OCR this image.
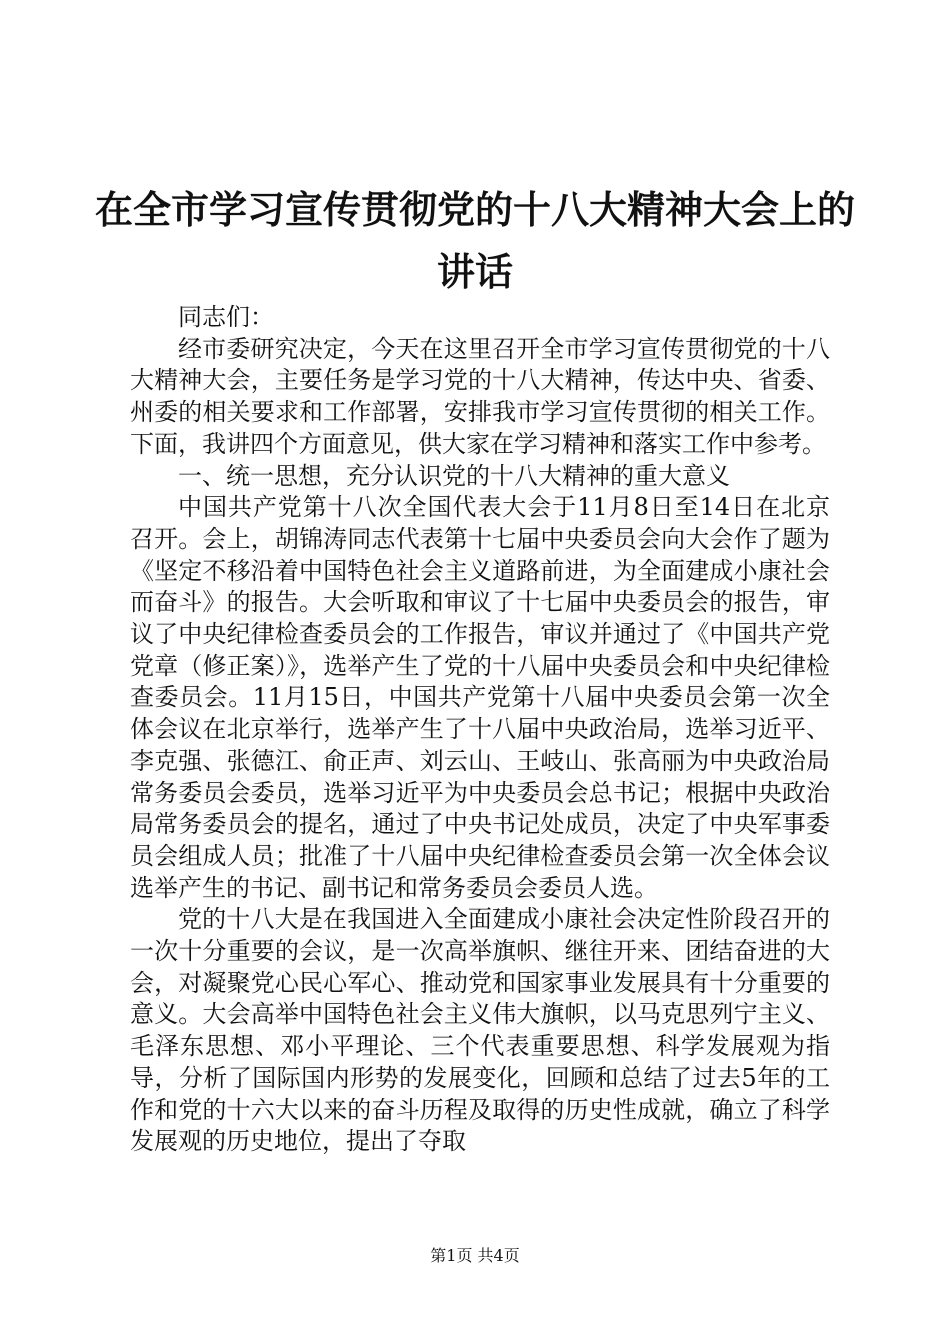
在全市学习宣传贯彻党的十八大精神大会上的
讲话

同志们：

经市委研究决定，今天在这里召开全市学习宣传贯彻党的十八大精神大会，主要任务是学习党的十八大精神，传达中央、省委、州委的相关要求和工作部署，安排我市学习宣传贯彻的相关工作。下面，我讲四个方面意见，供大家在学习精神和落实工作中参考。

一、统一思想，充分认识党的十八大精神的重大意义

中国共产党第十八次全国代表大会于11月8日至14日在北京召开。会上，胡锦涛同志代表第十七届中央委员会向大会作了题为《坚定不移沿着中国特色社会主义道路前进，为全面建成小康社会而奋斗》的报告。大会听取和审议了十七届中央委员会的报告，审议了中央纪律检查委员会的工作报告，审议并通过了《中国共产党党章（修正案）》，选举产生了党的十八届中央委员会和中央纪律检查委员会。11月15日，中国共产党第十八届中央委员会第一次全体会议在北京举行，选举产生了十八届中央政治局，选举习近平、李克强、张德江、俞正声、刘云山、王岐山、张高丽为中央政治局常务委员会委员，选举习近平为中央委员会总书记；根据中央政治局常务委员会的提名，通过了中央书记处成员，决定了中央军事委员会组成人员；批准了十八届中央纪律检查委员会第一次全体会议选举产生的书记、副书记和常务委员会委员人选。

党的十八大是在我国进入全面建成小康社会决定性阶段召开的一次十分重要的会议，是一次高举旗帜、继往开来、团结奋进的大会，对凝聚党心民心军心、推动党和国家事业发展具有十分重要的意义。大会高举中国特色社会主义伟大旗帜，以马克思列宁主义、毛泽东思想、邓小平理论、三个代表重要思想、科学发展观为指导，分析了国际国内形势的发展变化，回顾和总结了过去5年的工作和党的十六大以来的奋斗历程及取得的历史性成就，确立了科学发展观的历史地位，提出了夺取

第1页 共4页
